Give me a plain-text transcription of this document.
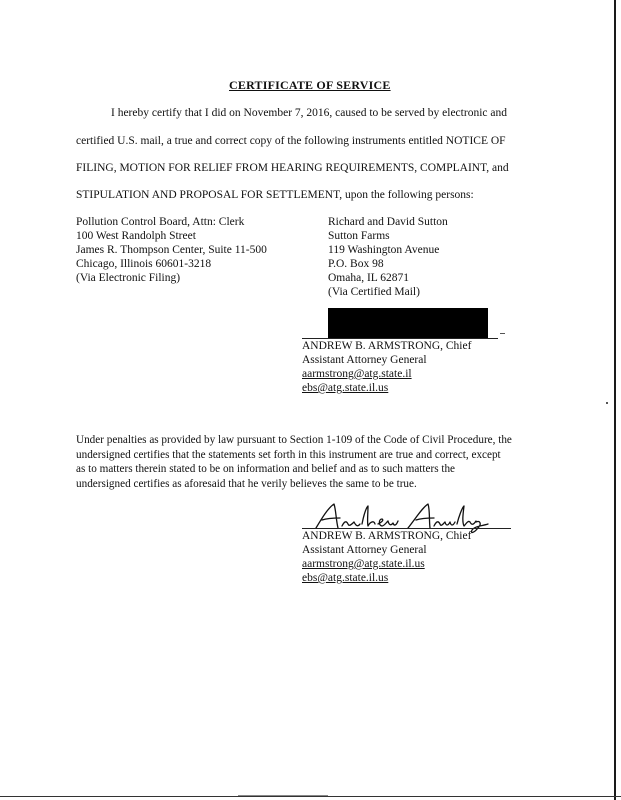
CERTIFICATE OF SERVICE
I hereby certify that I did on November 7, 2016, caused to be served by electronic and
certified U.S. mail, a true and correct copy of the following instruments entitled NOTICE OF
FILING, MOTION FOR RELIEF FROM HEARING REQUIREMENTS, COMPLAINT, and
STIPULATION AND PROPOSAL FOR SETTLEMENT, upon the following persons:
Pollution Control Board, Attn: Clerk
100 West Randolph Street
James R. Thompson Center, Suite 11-500
Chicago, Illinois 60601-3218
(Via Electronic Filing)
Richard and David Sutton
Sutton Farms
119 Washington Avenue
P.O. Box 98
Omaha, IL 62871
(Via Certified Mail)
ANDREW B. ARMSTRONG, Chief
Assistant Attorney General
aarmstrong@atg.state.il
ebs@atg.state.il.us
Under penalties as provided by law pursuant to Section 1-109 of the Code of Civil Procedure, the
undersigned certifies that the statements set forth in this instrument are true and correct, except
as to matters therein stated to be on information and belief and as to such matters the
undersigned certifies as aforesaid that he verily believes the same to be true.
ANDREW B. ARMSTRONG, Chief
Assistant Attorney General
aarmstrong@atg.state.il.us
ebs@atg.state.il.us
